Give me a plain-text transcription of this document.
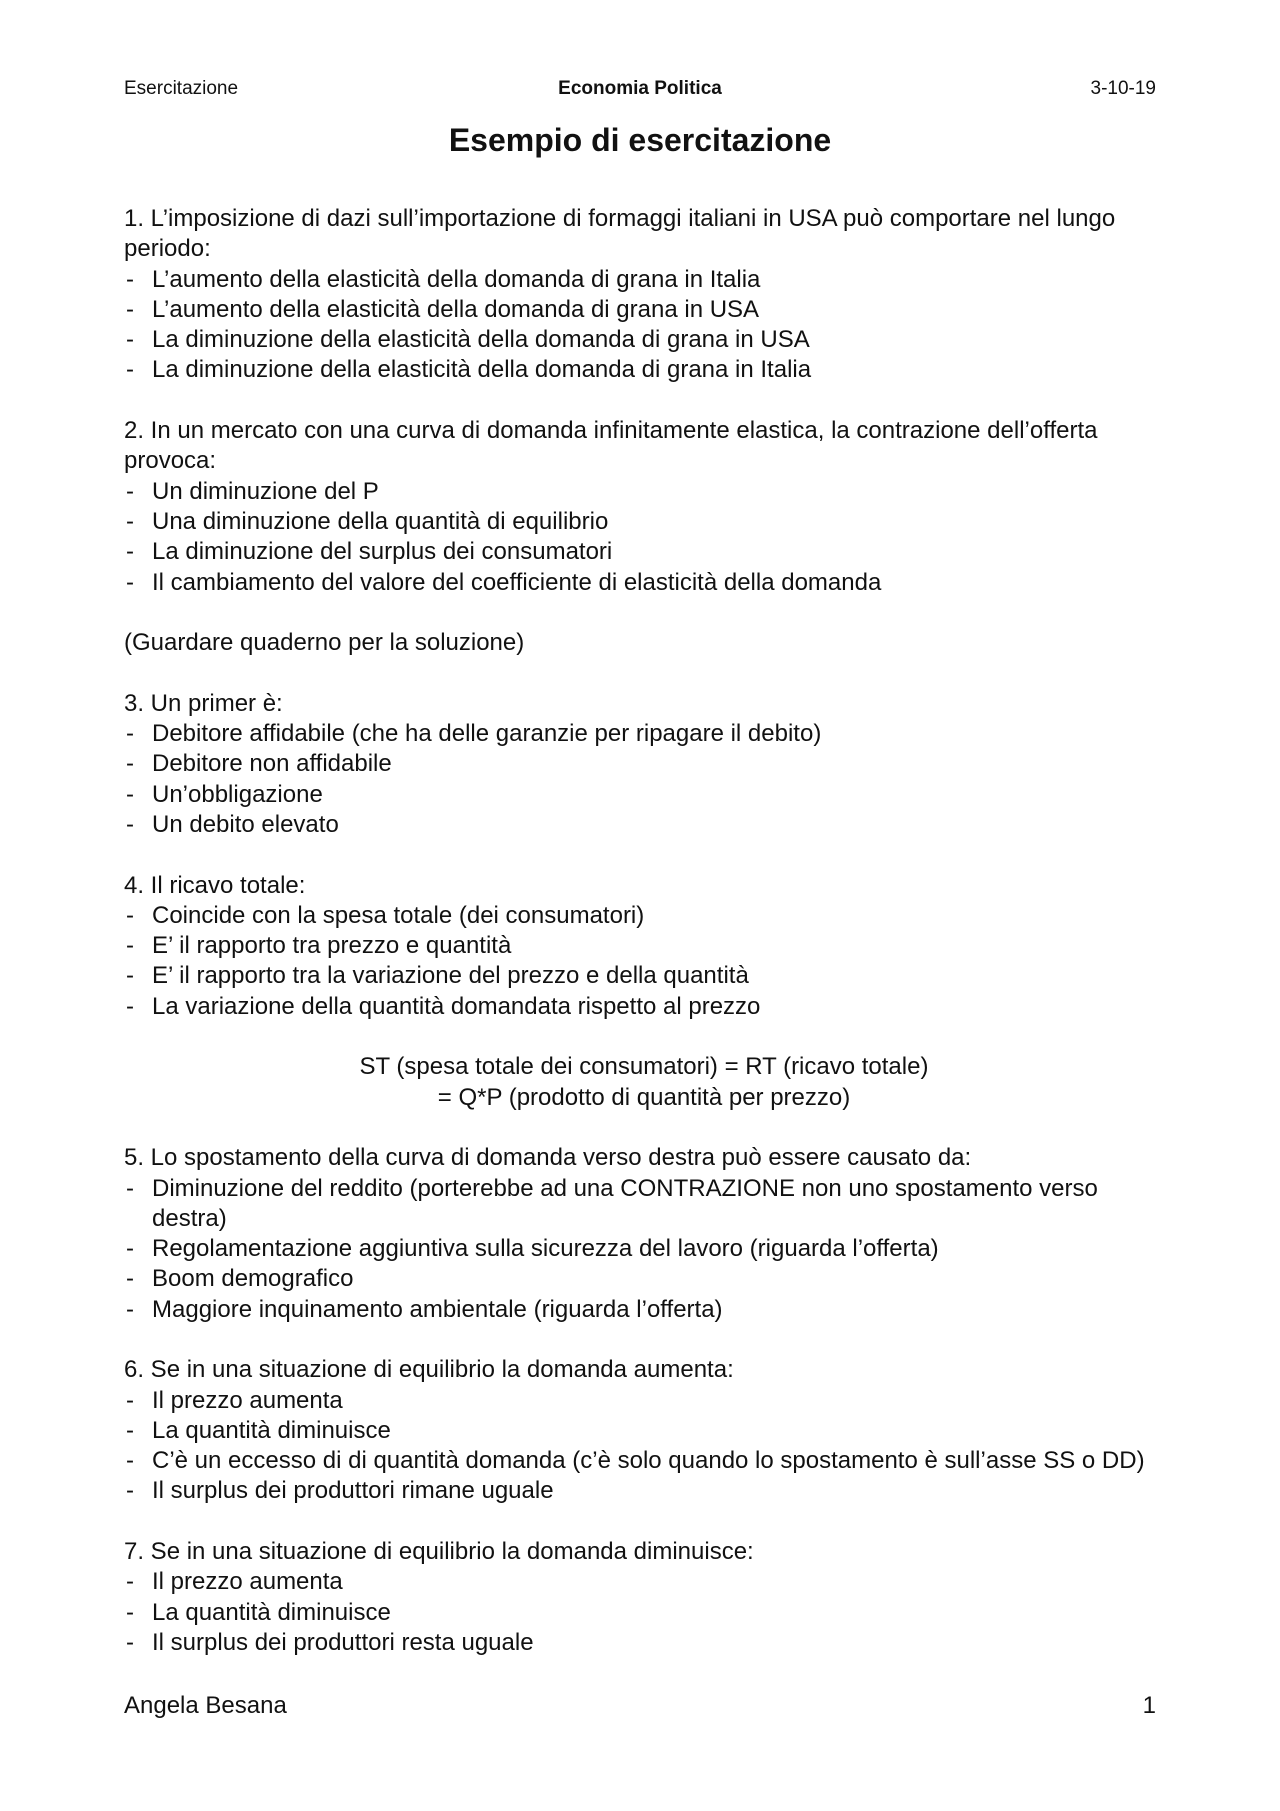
Esercitazione	Economia Politica	3-10-19
Esempio di esercitazione

1. L’imposizione di dazi sull’importazione di formaggi italiani in USA può comportare nel lungo periodo:

- L’aumento della elasticità della domanda di grana in Italia
- L’aumento della elasticità della domanda di grana in USA
- La diminuzione della elasticità della domanda di grana in USA
- La diminuzione della elasticità della domanda di grana in Italia

2. In un mercato con una curva di domanda infinitamente elastica, la contrazione dell’offerta provoca:

- Un diminuzione del P
- Una diminuzione della quantità di equilibrio
- La diminuzione del surplus dei consumatori
- Il cambiamento del valore del coefficiente di elasticità della domanda

(Guardare quaderno per la soluzione)

3. Un primer è:

- Debitore affidabile (che ha delle garanzie per ripagare il debito)
- Debitore non affidabile
- Un’obbligazione
- Un debito elevato

4. Il ricavo totale:

- Coincide con la spesa totale (dei consumatori)
- E’ il rapporto tra prezzo e quantità
- E’ il rapporto tra la variazione del prezzo e della quantità
- La variazione della quantità domandata rispetto al prezzo
ST (spesa totale dei consumatori) = RT (ricavo totale)
= Q*P (prodotto di quantità per prezzo)

5. Lo spostamento della curva di domanda verso destra può essere causato da:

- Diminuzione del reddito (porterebbe ad una CONTRAZIONE non uno spostamento verso destra)
- Regolamentazione aggiuntiva sulla sicurezza del lavoro (riguarda l’offerta)
- Boom demografico
- Maggiore inquinamento ambientale (riguarda l’offerta)

6. Se in una situazione di equilibrio la domanda aumenta:

- Il prezzo aumenta
- La quantità diminuisce
- C’è un eccesso di di quantità domanda (c’è solo quando lo spostamento è sull’asse SS o DD)
- Il surplus dei produttori rimane uguale

7. Se in una situazione di equilibrio la domanda diminuisce:

- Il prezzo aumenta
- La quantità diminuisce
- Il surplus dei produttori resta uguale
Angela Besana	1
